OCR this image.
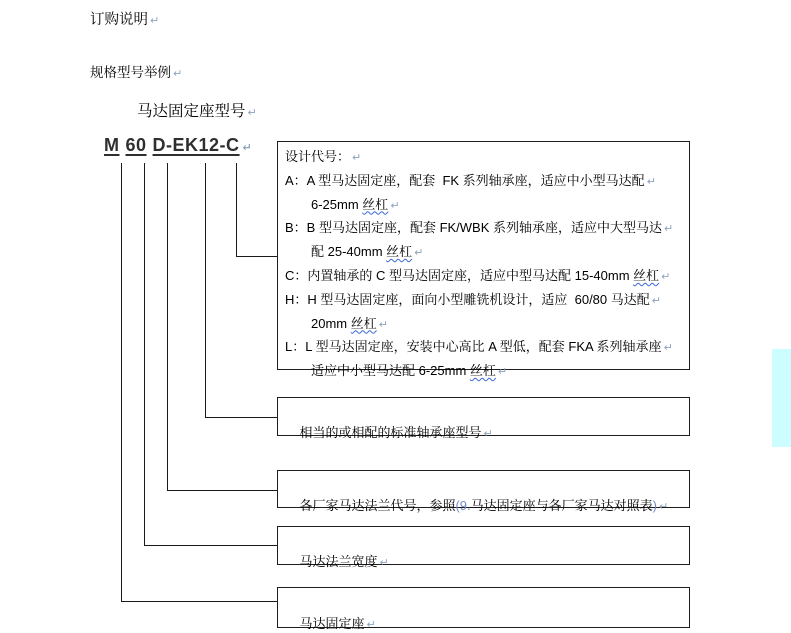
订购说明 ↵
规格型号举例 ↵
马达固定座型号 ↵
M 60 D-EK12-C ↵
设计代号： ↵
A：A 型马达固定座，配套  FK 系列轴承座，适应中小型马达配 ↵
6-25mm 丝杠 ↵
B：B 型马达固定座，配套 FK/WBK 系列轴承座，适应中大型马达 ↵
配 25-40mm 丝杠 ↵
C：内置轴承的 C 型马达固定座，适应中型马达配 15-40mm 丝杠 ↵
H：H 型马达固定座，面向小型雕铣机设计，适应  60/80 马达配 ↵
20mm 丝杠 ↵
L：L 型马达固定座，安装中心高比 A 型低，配套 FKA 系列轴承座 ↵
适应中小型马达配 6-25mm 丝杠 ↵

相当的或相配的标准轴承座型号 ↵

各厂家马达法兰代号，参照(9.马达固定座与各厂家马达对照表) ↵

马达法兰宽度 ↵

马达固定座 ↵
